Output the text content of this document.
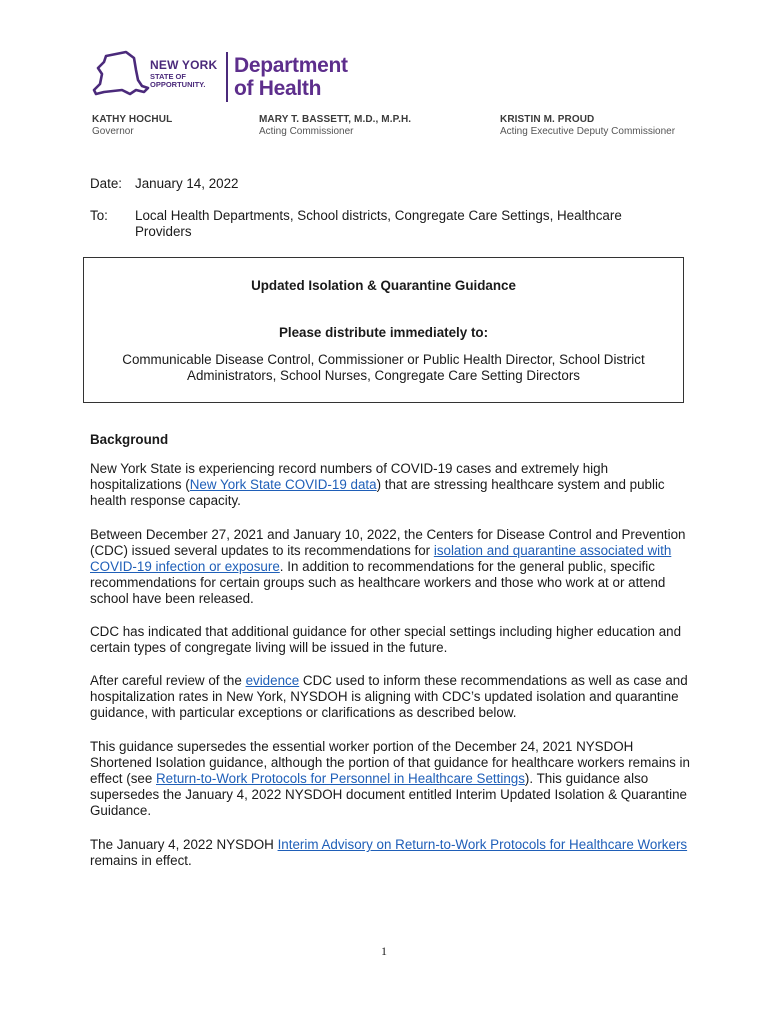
NEW YORK
STATE OF
OPPORTUNITY.
Department
of Health
KATHY HOCHUL
Governor
MARY T. BASSETT, M.D., M.P.H.
Acting Commissioner
KRISTIN M. PROUD
Acting Executive Deputy Commissioner
Date: January 14, 2022
To: Local Health Departments, School districts, Congregate Care Settings, Healthcare Providers
Updated Isolation & Quarantine Guidance
Please distribute immediately to:
Communicable Disease Control, Commissioner or Public Health Director, School District Administrators, School Nurses, Congregate Care Setting Directors
Background
New York State is experiencing record numbers of COVID-19 cases and extremely high hospitalizations (New York State COVID-19 data) that are stressing healthcare system and public health response capacity.
Between December 27, 2021 and January 10, 2022, the Centers for Disease Control and Prevention (CDC) issued several updates to its recommendations for isolation and quarantine associated with COVID-19 infection or exposure. In addition to recommendations for the general public, specific recommendations for certain groups such as healthcare workers and those who work at or attend school have been released.
CDC has indicated that additional guidance for other special settings including higher education and certain types of congregate living will be issued in the future.
After careful review of the evidence CDC used to inform these recommendations as well as case and hospitalization rates in New York, NYSDOH is aligning with CDC’s updated isolation and quarantine guidance, with particular exceptions or clarifications as described below.
This guidance supersedes the essential worker portion of the December 24, 2021 NYSDOH Shortened Isolation guidance, although the portion of that guidance for healthcare workers remains in effect (see Return-to-Work Protocols for Personnel in Healthcare Settings). This guidance also supersedes the January 4, 2022 NYSDOH document entitled Interim Updated Isolation & Quarantine Guidance.
The January 4, 2022 NYSDOH Interim Advisory on Return-to-Work Protocols for Healthcare Workers remains in effect.
1
